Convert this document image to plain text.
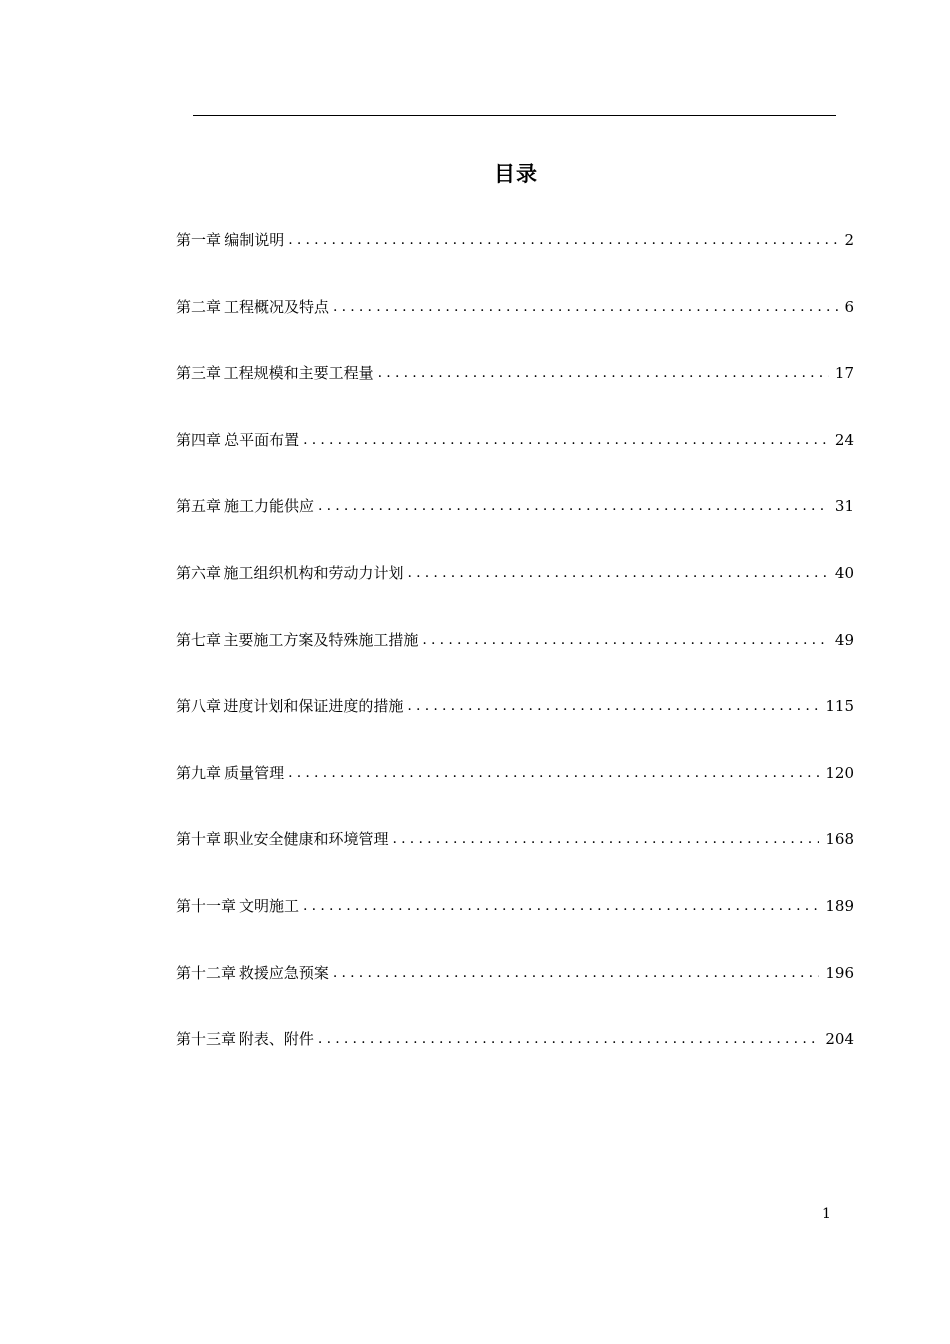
目录
第一章 编制说明 .....	2
第二章 工程概况及特点 .....	6
第三章 工程规模和主要工程量 .....	17
第四章 总平面布置 .....	24
第五章 施工力能供应 .....	31
第六章 施工组织机构和劳动力计划 .....	40
第七章 主要施工方案及特殊施工措施 .....	49
第八章 进度计划和保证进度的措施 .....	115
第九章 质量管理 .....	120
第十章 职业安全健康和环境管理 .....	168
第十一章 文明施工 .....	189
第十二章 救援应急预案 .....	196
第十三章 附表、附件 .....	204
1
